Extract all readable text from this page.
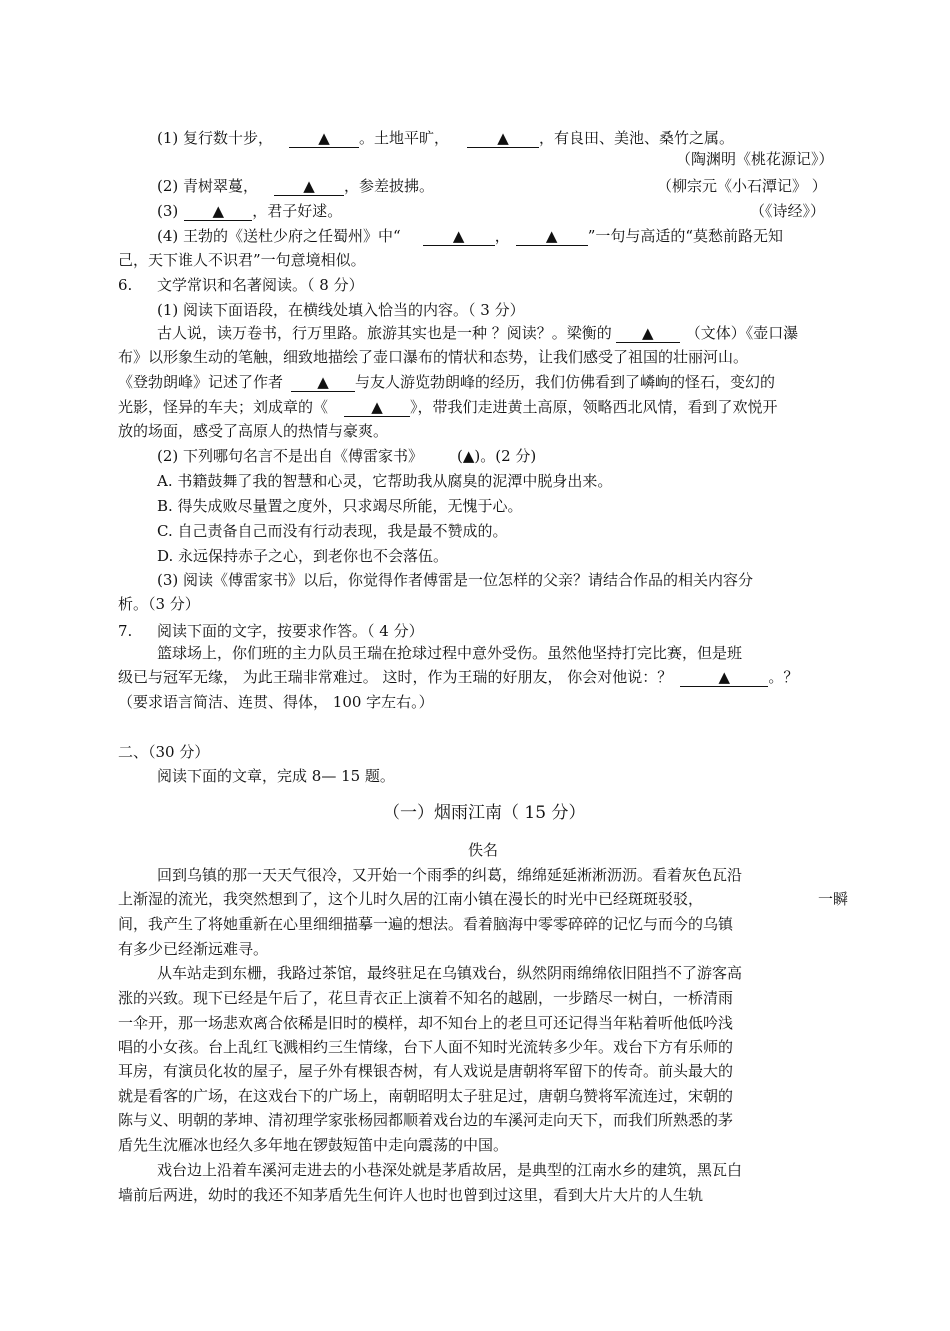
(1) 复行数十步，	▲ 。土地平旷，	▲ ，有良田、美池、桑竹之属。
（陶渊明《桃花源记》）
(2) 青树翠蔓，	▲ ，参差披拂。	（柳宗元《小石潭记》 ）
(3) ▲ ，君子好逑。	（《诗经》）
(4) 王勃的《送杜少府之任蜀州》中“	▲ ， ▲ ”一句与高适的“莫愁前路无知
己，天下谁人不识君”一句意境相似。
6. 文学常识和名著阅读。（ 8 分）
(1) 阅读下面语段，在横线处填入恰当的内容。（ 3 分）
古人说，读万卷书，行万里路。旅游其实也是一种 ？阅读？。梁衡的 ▲ （文体）《壶口瀑
布》以形象生动的笔触，细致地描绘了壶口瀑布的情状和态势，让我们感受了祖国的壮丽河山。
《登勃朗峰》记述了作者 ▲ 与友人游览勃朗峰的经历，我们仿佛看到了嶙峋的怪石，变幻的
光影，怪异的车夫；刘成章的《	▲ 》，带我们走进黄土高原，领略西北风情，看到了欢悦开
放的场面，感受了高原人的热情与豪爽。
(2) 下列哪句名言不是出自《傅雷家书》 (▲)。(2 分)
A. 书籍鼓舞了我的智慧和心灵，它帮助我从腐臭的泥潭中脱身出来。
B. 得失成败尽量置之度外，只求竭尽所能，无愧于心。
C. 自己责备自己而没有行动表现，我是最不赞成的。
D. 永远保持赤子之心，到老你也不会落伍。
(3) 阅读《傅雷家书》以后，你觉得作者傅雷是一位怎样的父亲？请结合作品的相关内容分
析。（3 分）
7. 阅读下面的文字，按要求作答。（ 4 分）
篮球场上，你们班的主力队员王瑞在抢球过程中意外受伤。虽然他坚持打完比赛，但是班
级已与冠军无缘， 为此王瑞非常难过。 这时，作为王瑞的好朋友， 你会对他说：？	▲	。？
（要求语言简洁、连贯、得体， 100 字左右。）
二、（30 分）
阅读下面的文章，完成 8— 15 题。
（一）烟雨江南（ 15 分）
佚名
回到乌镇的那一天天气很冷，又开始一个雨季的纠葛，绵绵延延淅淅沥沥。看着灰色瓦沿
上渐湿的流光，我突然想到了，这个儿时久居的江南小镇在漫长的时光中已经斑斑驳驳，	一瞬
间，我产生了将她重新在心里细细描摹一遍的想法。看着脑海中零零碎碎的记忆与而今的乌镇
有多少已经渐远难寻。
从车站走到东栅，我路过茶馆，最终驻足在乌镇戏台，纵然阴雨绵绵依旧阻挡不了游客高
涨的兴致。现下已经是午后了，花旦青衣正上演着不知名的越剧，一步踏尽一树白，一桥清雨
一伞开，那一场悲欢离合依稀是旧时的模样，却不知台上的老旦可还记得当年粘着听他低吟浅
唱的小女孩。台上乱红飞溅相约三生情缘，台下人面不知时光流转多少年。戏台下方有乐师的
耳房，有演员化妆的屋子，屋子外有棵银杏树，有人戏说是唐朝将军留下的传奇。前头最大的
就是看客的广场，在这戏台下的广场上，南朝昭明太子驻足过，唐朝乌赞将军流连过，宋朝的
陈与义、明朝的茅坤、清初理学家张杨园都顺着戏台边的车溪河走向天下，而我们所熟悉的茅
盾先生沈雁冰也经久多年地在锣鼓短笛中走向震荡的中国。
戏台边上沿着车溪河走进去的小巷深处就是茅盾故居，是典型的江南水乡的建筑，黑瓦白
墙前后两进，幼时的我还不知茅盾先生何许人也时也曾到过这里，看到大片大片的人生轨
